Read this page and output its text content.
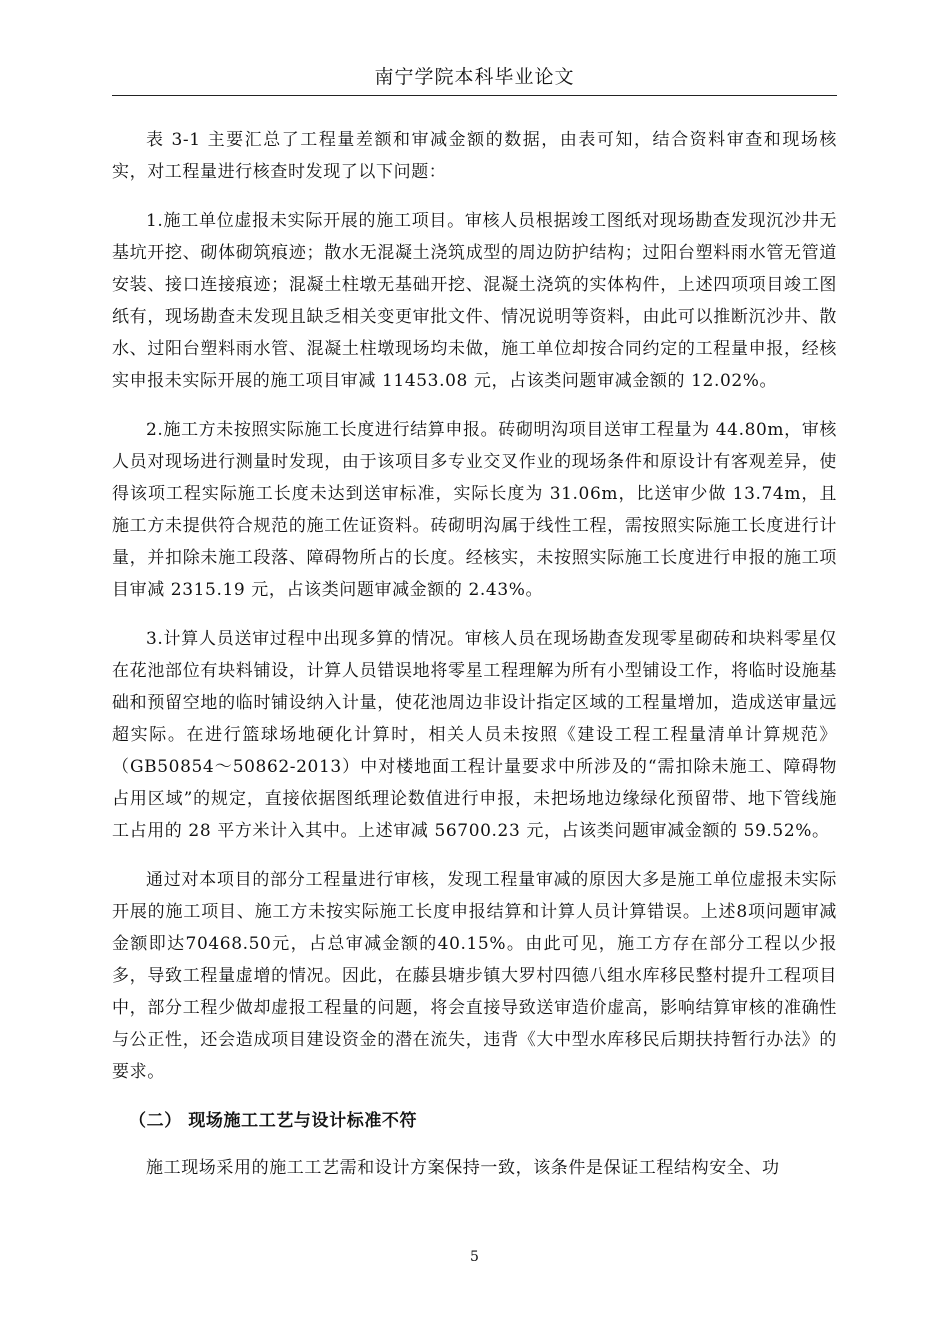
南宁学院本科毕业论文

表 3-1 主要汇总了工程量差额和审减金额的数据，由表可知，结合资料审查和现场核实，对工程量进行核查时发现了以下问题：

1.施工单位虚报未实际开展的施工项目。审核人员根据竣工图纸对现场勘查发现沉沙井无基坑开挖、砌体砌筑痕迹；散水无混凝土浇筑成型的周边防护结构；过阳台塑料雨水管无管道安装、接口连接痕迹；混凝土柱墩无基础开挖、混凝土浇筑的实体构件，上述四项项目竣工图纸有，现场勘查未发现且缺乏相关变更审批文件、情况说明等资料，由此可以推断沉沙井、散水、过阳台塑料雨水管、混凝土柱墩现场均未做，施工单位却按合同约定的工程量申报，经核实申报未实际开展的施工项目审减 11453.08 元，占该类问题审减金额的 12.02%。

2.施工方未按照实际施工长度进行结算申报。砖砌明沟项目送审工程量为 44.80m，审核人员对现场进行测量时发现，由于该项目多专业交叉作业的现场条件和原设计有客观差异，使得该项工程实际施工长度未达到送审标准，实际长度为 31.06m，比送审少做 13.74m，且施工方未提供符合规范的施工佐证资料。砖砌明沟属于线性工程，需按照实际施工长度进行计量，并扣除未施工段落、障碍物所占的长度。经核实，未按照实际施工长度进行申报的施工项目审减 2315.19 元，占该类问题审减金额的 2.43%。

3.计算人员送审过程中出现多算的情况。审核人员在现场勘查发现零星砌砖和块料零星仅在花池部位有块料铺设，计算人员错误地将零星工程理解为所有小型铺设工作，将临时设施基础和预留空地的临时铺设纳入计量，使花池周边非设计指定区域的工程量增加，造成送审量远超实际。在进行篮球场地硬化计算时，相关人员未按照《建设工程工程量清单计算规范》（GB50854～50862-2013）中对楼地面工程计量要求中所涉及的“需扣除未施工、障碍物占用区域”的规定，直接依据图纸理论数值进行申报，未把场地边缘绿化预留带、地下管线施工占用的 28 平方米计入其中。上述审减 56700.23 元，占该类问题审减金额的 59.52%。

通过对本项目的部分工程量进行审核，发现工程量审减的原因大多是施工单位虚报未实际开展的施工项目、施工方未按实际施工长度申报结算和计算人员计算错误。上述8项问题审减金额即达70468.50元，占总审减金额的40.15%。由此可见，施工方存在部分工程以少报多，导致工程量虚增的情况。因此，在藤县塘步镇大罗村四德八组水库移民整村提升工程项目中，部分工程少做却虚报工程量的问题，将会直接导致送审造价虚高，影响结算审核的准确性与公正性，还会造成项目建设资金的潜在流失，违背《大中型水库移民后期扶持暂行办法》的要求。

（二） 现场施工工艺与设计标准不符

施工现场采用的施工工艺需和设计方案保持一致，该条件是保证工程结构安全、功

5
